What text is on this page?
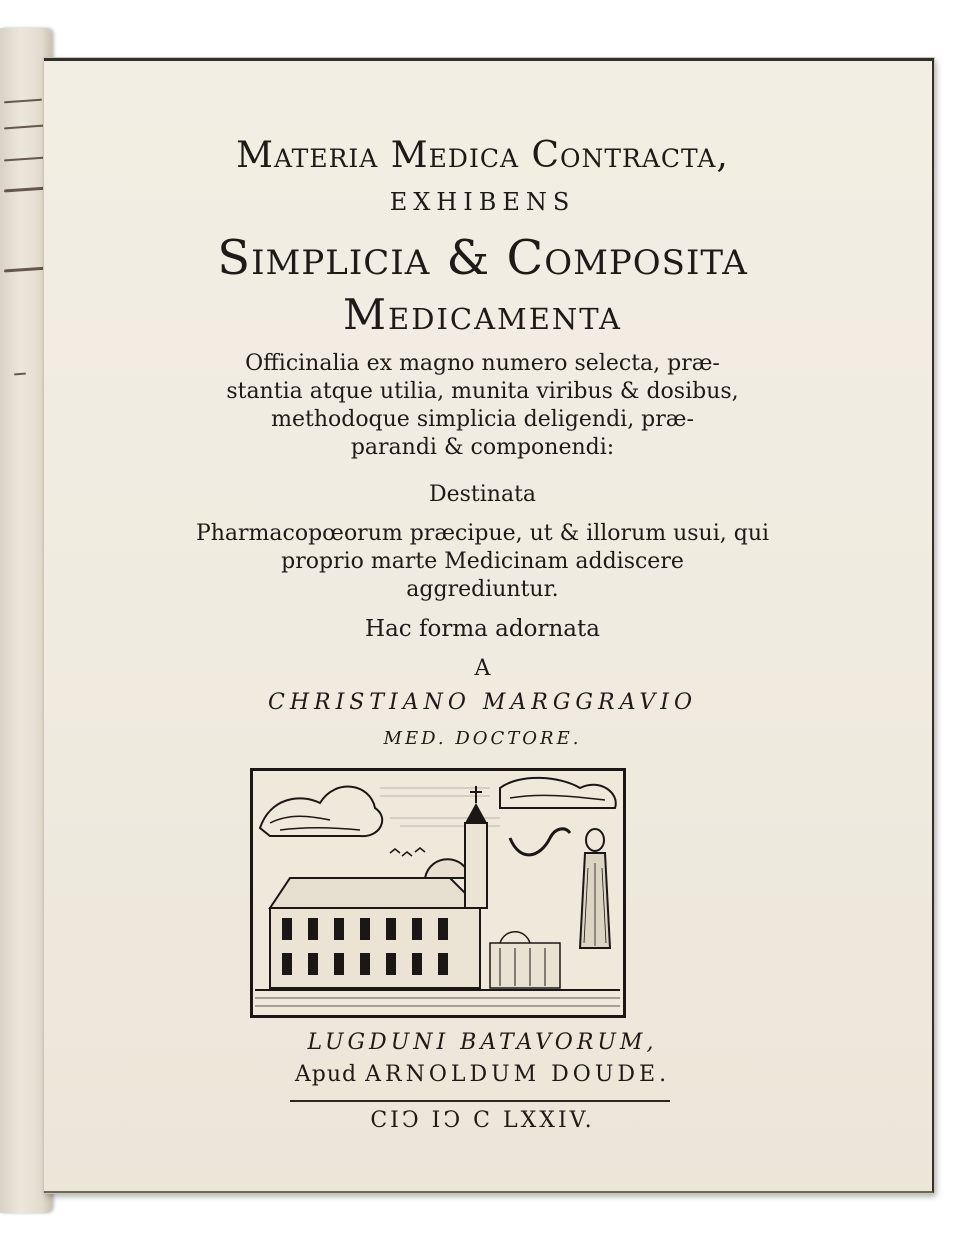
Materia Medica Contracta,
EXHIBENS
Simplicia & Composita
Medicamenta
Officinalia ex magno numero selecta, præ-
stantia atque utilia, munita viribus & dosibus,
methodoque simplicia deligendi, præ-
parandi & componendi:
Destinata
Pharmacopœorum præcipue, ut & illorum usui, qui
proprio marte Medicinam addiscere
aggrediuntur.
Hac forma adornata
A
CHRISTIANO MARGGRAVIO
MED. DOCTORE.
LUGDUNI BATAVORUM,
Apud ARNOLDUM DOUDE.
CIↃ IↃ C LXXIV.
